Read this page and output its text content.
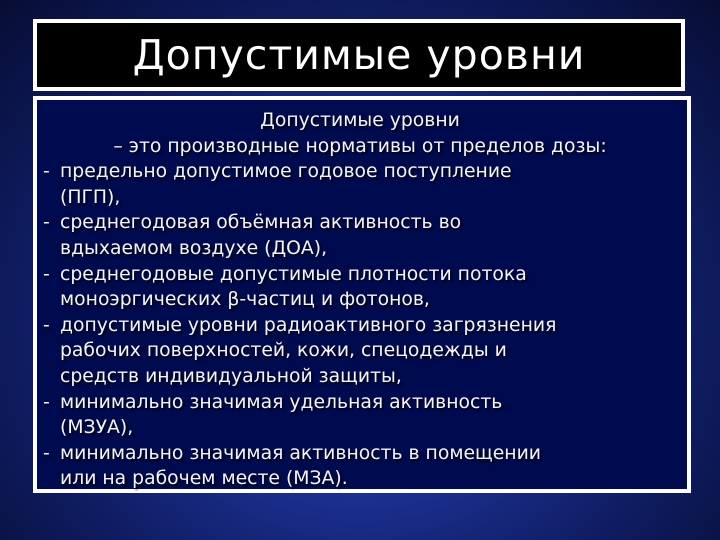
Допустимые уровни

Допустимые уровни

– это производные нормативы от пределов дозы:

- предельно допустимое годовое поступление

(ПГП),

- среднегодовая объёмная активность во

вдыхаемом воздухе (ДОА),

- среднегодовые допустимые плотности потока

моноэргических β-частиц и фотонов,

- допустимые уровни радиоактивного загрязнения

рабочих поверхностей, кожи, спецодежды и

средств индивидуальной защиты,

- минимально значимая удельная активность

(МЗУА),

- минимально значимая активность в помещении

или на рабочем месте (МЗА).
